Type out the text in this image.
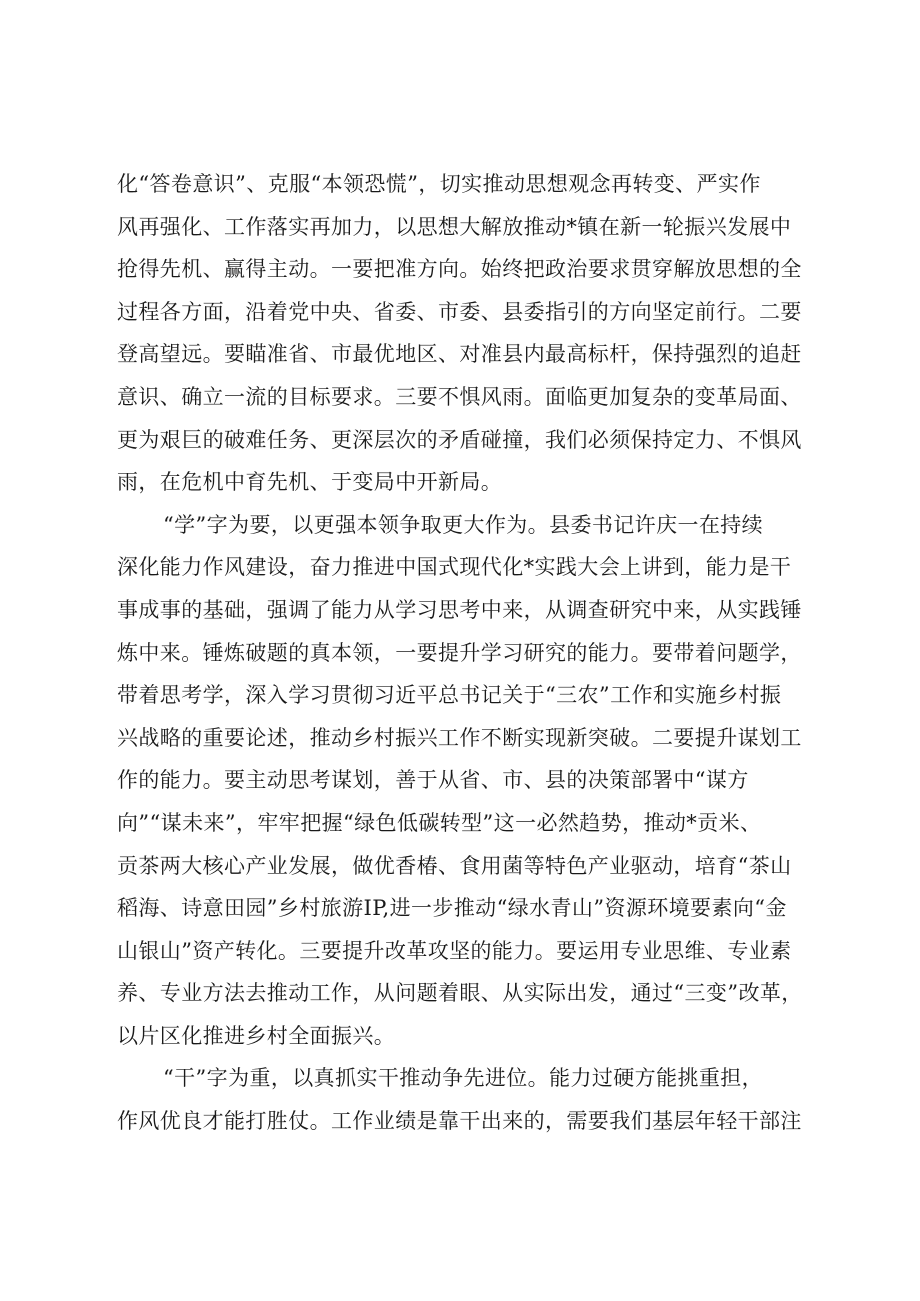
化“答卷意识”、克服“本领恐慌”，切实推动思想观念再转变、严实作
风再强化、工作落实再加力，以思想大解放推动*镇在新一轮振兴发展中
抢得先机、赢得主动。一要把准方向。始终把政治要求贯穿解放思想的全
过程各方面，沿着党中央、省委、市委、县委指引的方向坚定前行。二要
登高望远。要瞄准省、市最优地区、对准县内最高标杆，保持强烈的追赶
意识、确立一流的目标要求。三要不惧风雨。面临更加复杂的变革局面、
更为艰巨的破难任务、更深层次的矛盾碰撞，我们必须保持定力、不惧风
雨，在危机中育先机、于变局中开新局。
“学”字为要，以更强本领争取更大作为。县委书记许庆一在持续
深化能力作风建设，奋力推进中国式现代化*实践大会上讲到，能力是干
事成事的基础，强调了能力从学习思考中来，从调查研究中来，从实践锤
炼中来。锤炼破题的真本领，一要提升学习研究的能力。要带着问题学，
带着思考学，深入学习贯彻习近平总书记关于“三农”工作和实施乡村振
兴战略的重要论述，推动乡村振兴工作不断实现新突破。二要提升谋划工
作的能力。要主动思考谋划，善于从省、市、县的决策部署中“谋方
向”“谋未来”，牢牢把握“绿色低碳转型”这一必然趋势，推动*贡米、
贡茶两大核心产业发展，做优香椿、食用菌等特色产业驱动，培育“茶山
稻海、诗意田园”乡村旅游IP,进一步推动“绿水青山”资源环境要素向“金
山银山”资产转化。三要提升改革攻坚的能力。要运用专业思维、专业素
养、专业方法去推动工作，从问题着眼、从实际出发，通过“三变”改革，
以片区化推进乡村全面振兴。
“干”字为重，以真抓实干推动争先进位。能力过硬方能挑重担，
作风优良才能打胜仗。工作业绩是靠干出来的，需要我们基层年轻干部注
